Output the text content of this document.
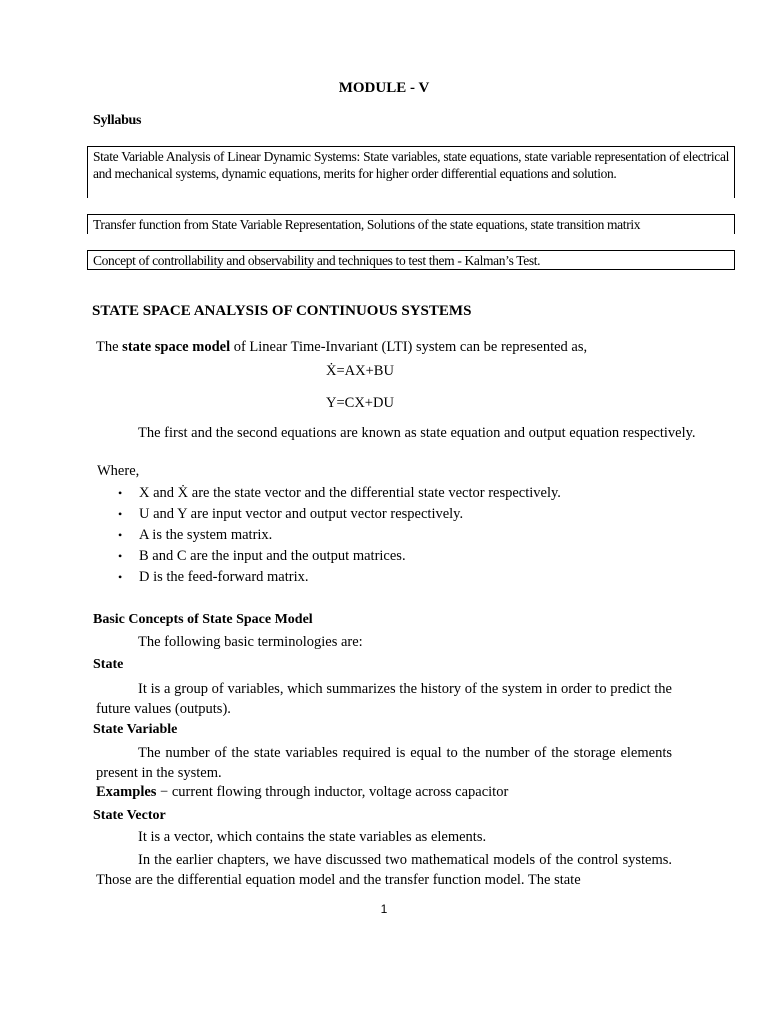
MODULE - V
Syllabus
State Variable Analysis of Linear Dynamic Systems: State variables, state equations, state variable representation of electrical and mechanical systems, dynamic equations, merits for higher order differential equations and solution.
Transfer function from State Variable Representation, Solutions of the state equations, state transition matrix
Concept of controllability and observability and techniques to test them - Kalman’s Test.
STATE SPACE ANALYSIS OF CONTINUOUS SYSTEMS
The state space model of Linear Time-Invariant (LTI) system can be represented as,
Ẋ=AX+BU
Y=CX+DU

The first and the second equations are known as state equation and output equation respectively.

Where,
• X and Ẋ are the state vector and the differential state vector respectively.
• U and Y are input vector and output vector respectively.
• A is the system matrix.
• B and C are the input and the output matrices.
• D is the feed-forward matrix.
Basic Concepts of State Space Model
The following basic terminologies are:
State

It is a group of variables, which summarizes the history of the system in order to predict the future values (outputs).

State Variable

The number of the state variables required is equal to the number of the storage elements present in the system.

Examples − current flowing through inductor, voltage across capacitor
State Vector
It is a vector, which contains the state variables as elements.

In the earlier chapters, we have discussed two mathematical models of the control systems. Those are the differential equation model and the transfer function model. The state

1
